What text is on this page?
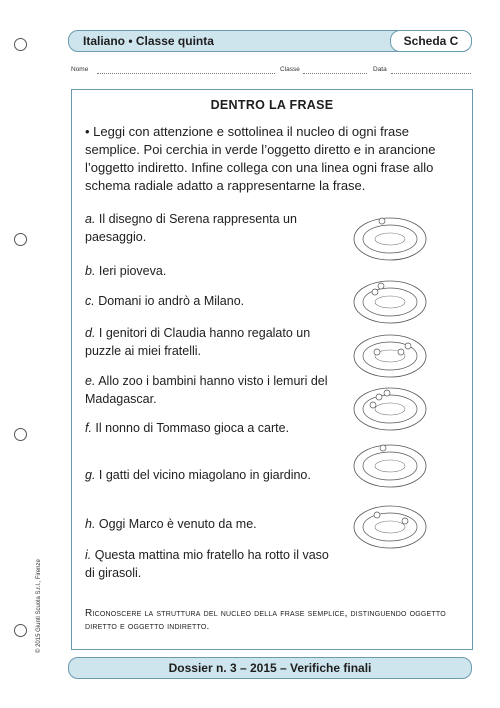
Italiano • Classe quinta	Scheda C
Nome	Classe	Data
DENTRO LA FRASE
• Leggi con attenzione e sottolinea il nucleo di ogni frase semplice. Poi cerchia in verde l’oggetto diretto e in arancione l’oggetto indiretto. Infine collega con una linea ogni frase allo schema radiale adatto a rappresentarne la frase.
a. Il disegno di Serena rappresenta un paesaggio.
b. Ieri pioveva.
c. Domani io andrò a Milano.
d. I genitori di Claudia hanno regalato un puzzle ai miei fratelli.
e. Allo zoo i bambini hanno visto i lemuri del Madagascar.
f. Il nonno di Tommaso gioca a carte.
g. I gatti del vicino miagolano in giardino.
h. Oggi Marco è venuto da me.
i. Questa mattina mio fratello ha rotto il vaso di girasoli.
Riconoscere la struttura del nucleo della frase semplice, distinguendo oggetto diretto e oggetto indiretto.
© 2015 Giunti Scuola S.r.l., Firenze
Dossier n. 3 – 2015 – Verifiche finali
